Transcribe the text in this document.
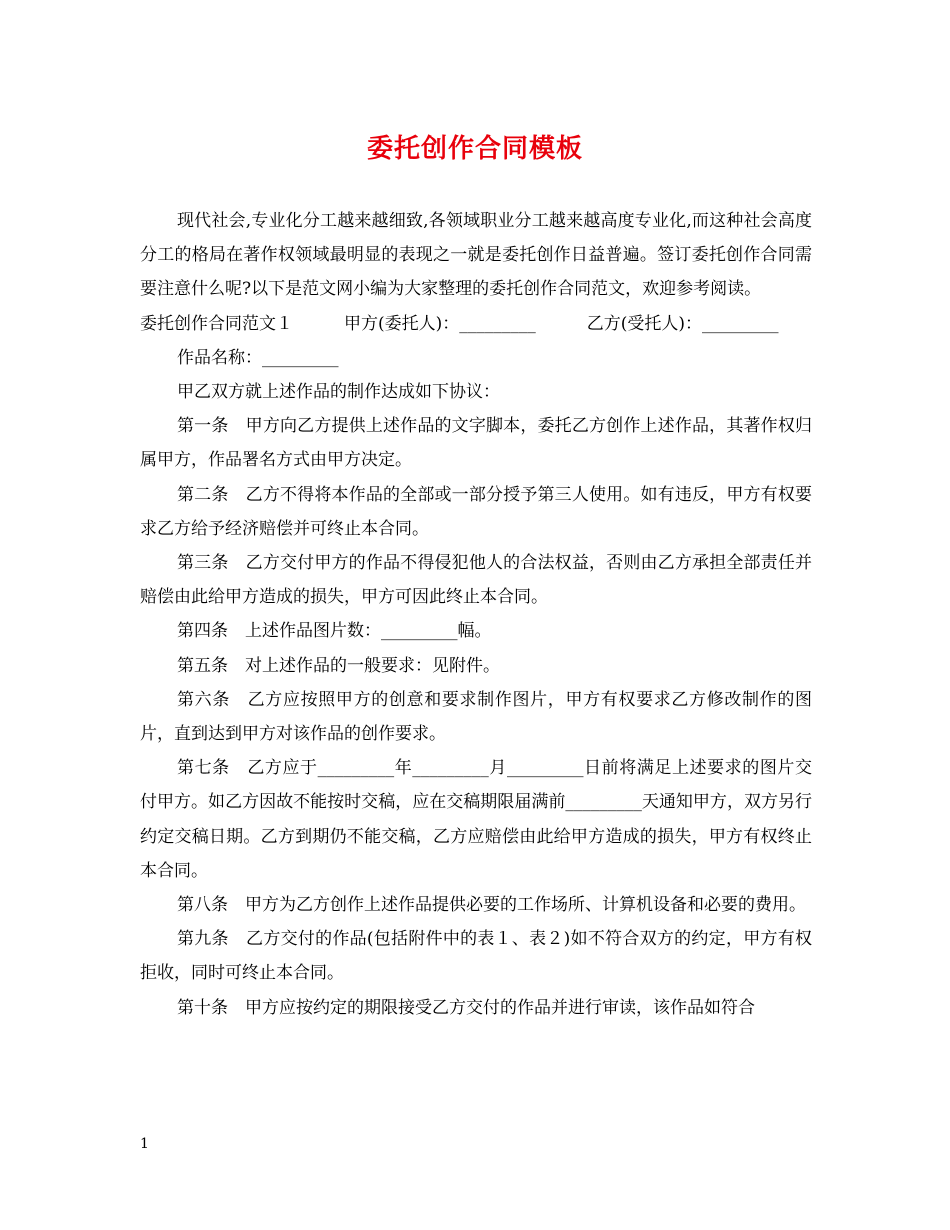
委托创作合同模板

现代社会,专业化分工越来越细致,各领域职业分工越来越高度专业化,而这种社会高度分工的格局在著作权领域最明显的表现之一就是委托创作日益普遍。签订委托创作合同需要注意什么呢?以下是范文网小编为大家整理的委托创作合同范文，欢迎参考阅读。

委托创作合同范文１　　　甲方(委托人)：_________　　　乙方(受托人)：_________

作品名称：_________

甲乙双方就上述作品的制作达成如下协议：

第一条　甲方向乙方提供上述作品的文字脚本，委托乙方创作上述作品，其著作权归属甲方，作品署名方式由甲方决定。

第二条　乙方不得将本作品的全部或一部分授予第三人使用。如有违反，甲方有权要求乙方给予经济赔偿并可终止本合同。

第三条　乙方交付甲方的作品不得侵犯他人的合法权益，否则由乙方承担全部责任并赔偿由此给甲方造成的损失，甲方可因此终止本合同。

第四条　上述作品图片数：_________幅。

第五条　对上述作品的一般要求：见附件。

第六条　乙方应按照甲方的创意和要求制作图片，甲方有权要求乙方修改制作的图片，直到达到甲方对该作品的创作要求。

第七条　乙方应于_________年_________月_________日前将满足上述要求的图片交付甲方。如乙方因故不能按时交稿，应在交稿期限届满前_________天通知甲方，双方另行约定交稿日期。乙方到期仍不能交稿，乙方应赔偿由此给甲方造成的损失，甲方有权终止本合同。

第八条　甲方为乙方创作上述作品提供必要的工作场所、计算机设备和必要的费用。

第九条　乙方交付的作品(包括附件中的表１、表２)如不符合双方的约定，甲方有权拒收，同时可终止本合同。

第十条　甲方应按约定的期限接受乙方交付的作品并进行审读，该作品如符合

1
